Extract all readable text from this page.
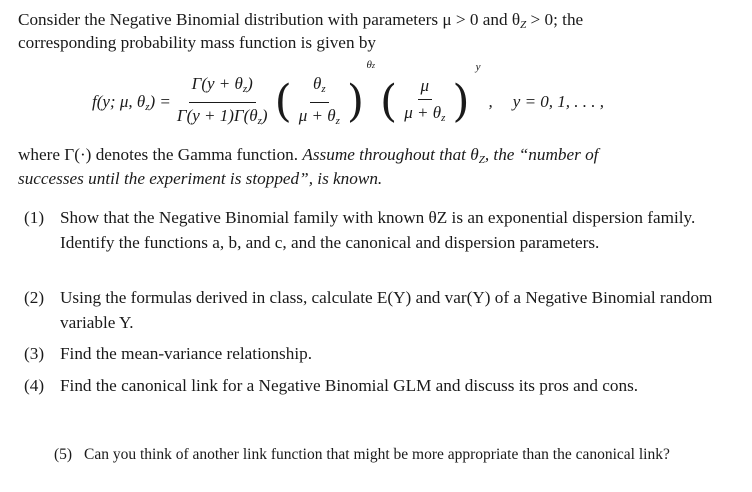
Consider the Negative Binomial distribution with parameters μ > 0 and $\theta_Z > 0$; the
corresponding probability mass function is given by
f(y; μ, $\theta_z) = \frac{\Gamma(y + \theta_z)}{\Gamma(y + 1)\Gamma(\theta_z)}$ ( $\frac{\theta_z}{\mu + \theta_z}$ )
θz
( $\frac{\mu}{\mu + \theta_z}$ )
y
, y = 0, 1, . . . ,
where Γ(·) denotes the Gamma function. Assume throughout that $\theta_Z$, the “number of
successes until the experiment is stopped”, is known.
(1) Show that the Negative Binomial family with known θZ is an exponential dispersion family. Identify the functions a, b, and c, and the canonical and dispersion parameters.
(2) Using the formulas derived in class, calculate E(Y) and var(Y) of a Negative Binomial random variable Y.
(3) Find the mean-variance relationship.
(4) Find the canonical link for a Negative Binomial GLM and discuss its pros and cons.
(5) Can you think of another link function that might be more appropriate than the canonical link?
